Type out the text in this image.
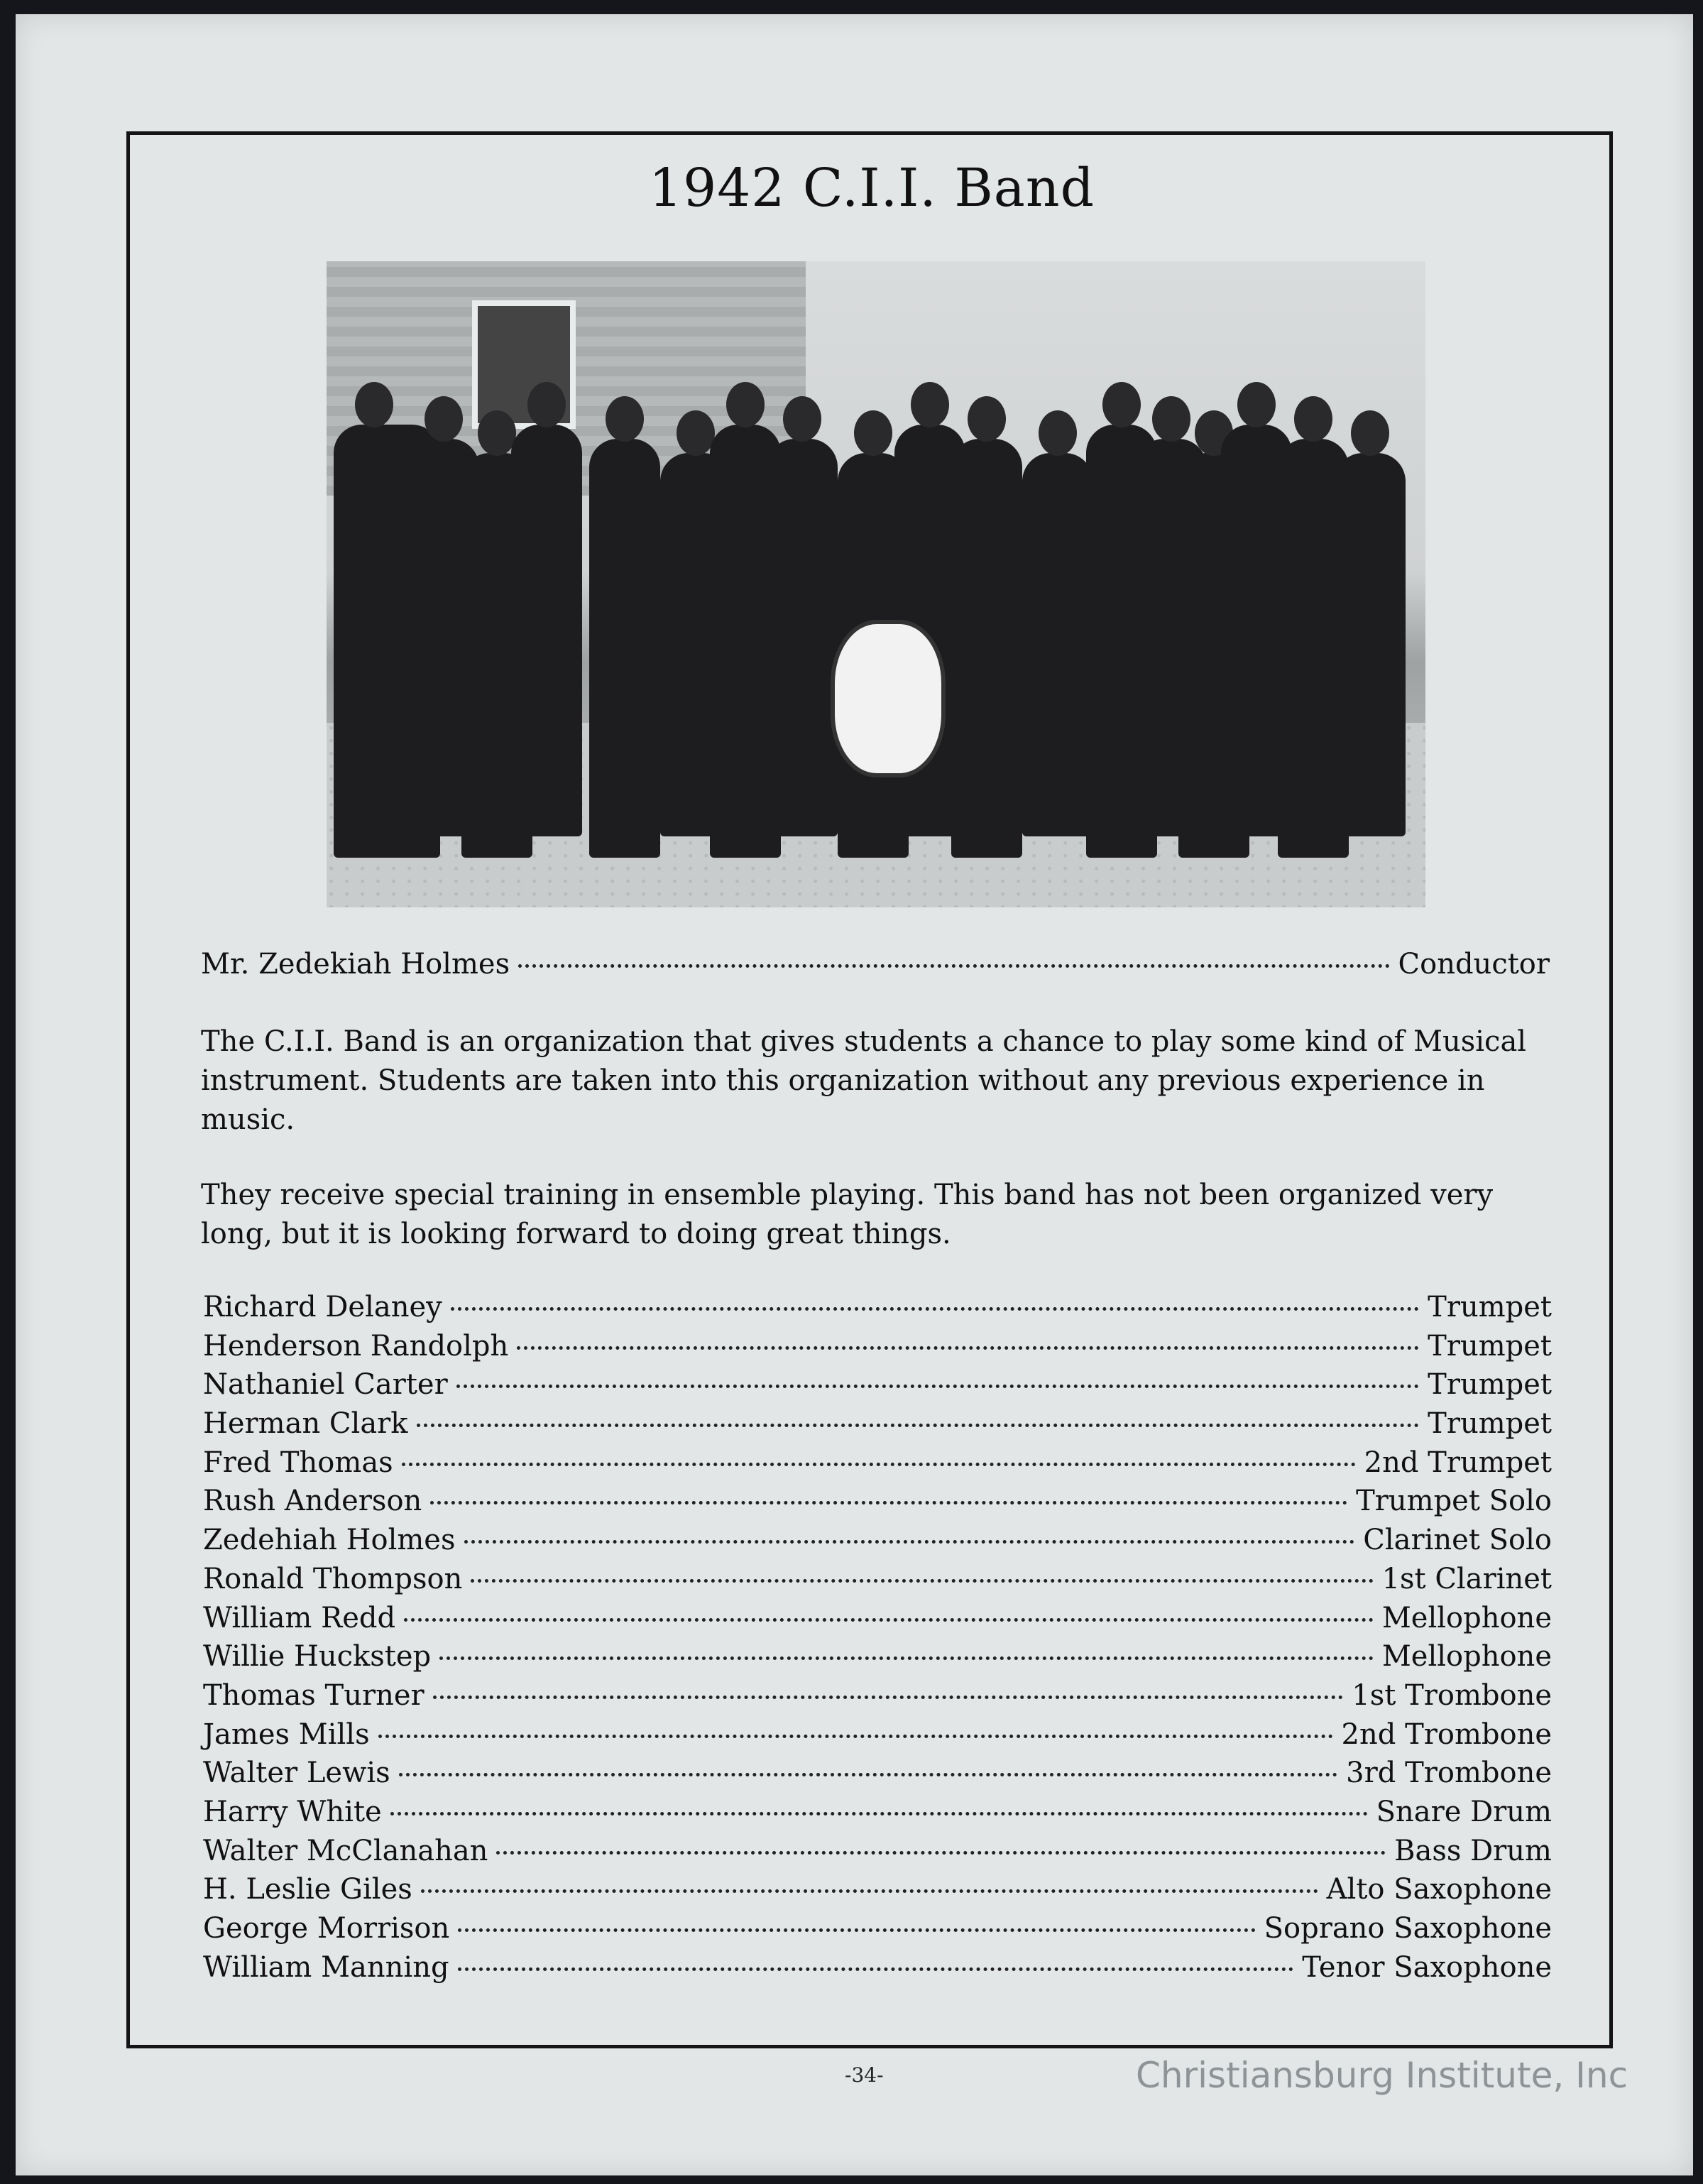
1942 C.I.I. Band
Mr. Zedekiah Holmes	Conductor

The C.I.I. Band is an organization that gives students a chance to play some kind of Musical instrument. Students are taken into this organization without any previous experience in music.

They receive special training in ensemble playing. This band has not been organized very long, but it is looking forward to doing great things.

Richard Delaney	Trumpet
Henderson Randolph	Trumpet
Nathaniel Carter	Trumpet
Herman Clark	Trumpet
Fred Thomas	2nd Trumpet
Rush Anderson	Trumpet Solo
Zedehiah Holmes	Clarinet Solo
Ronald Thompson	1st Clarinet
William Redd	Mellophone
Willie Huckstep	Mellophone
Thomas Turner	1st Trombone
James Mills	2nd Trombone
Walter Lewis	3rd Trombone
Harry White	Snare Drum
Walter McClanahan	Bass Drum
H. Leslie Giles	Alto Saxophone
George Morrison	Soprano Saxophone
William Manning	Tenor Saxophone
-34-	Christiansburg Institute, Inc
